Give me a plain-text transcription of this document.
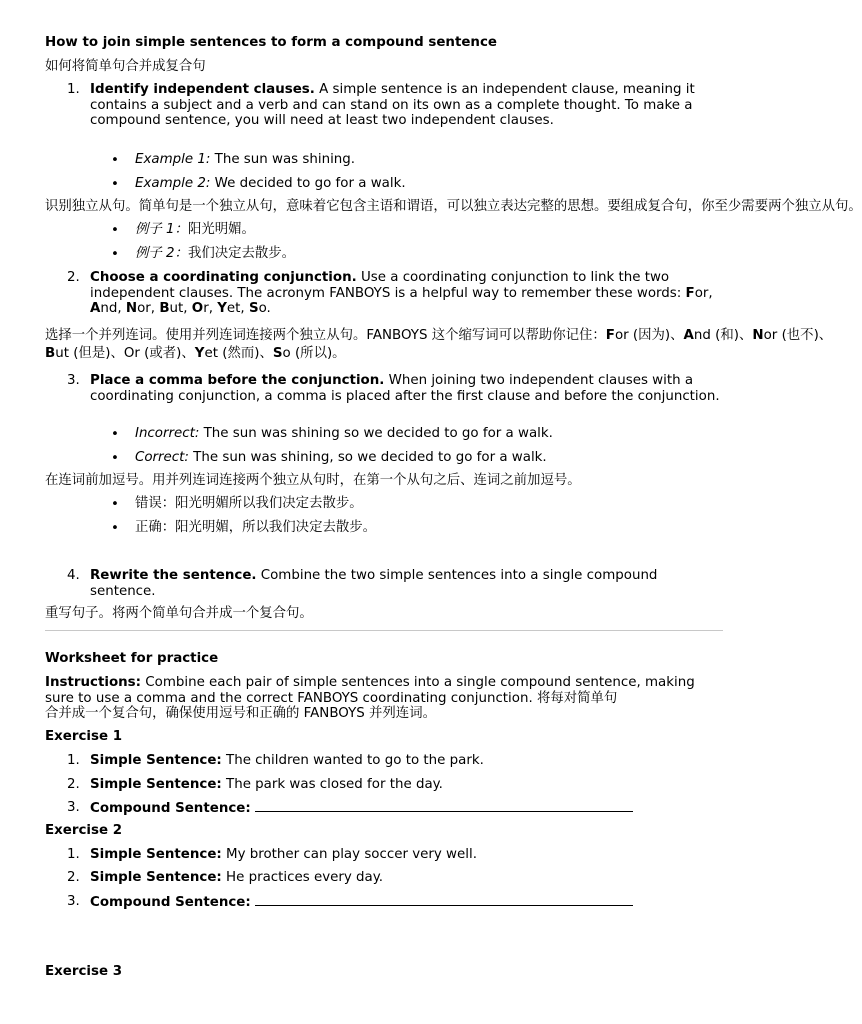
How to join simple sentences to form a compound sentence
如何将简单句合并成复合句
1. Identify independent clauses. A simple sentence is an independent clause, meaning it contains a subject and a verb and can stand on its own as a complete thought. To make a compound sentence, you will need at least two independent clauses.
• Example 1: The sun was shining.
• Example 2: We decided to go for a walk.
识别独立从句。简单句是一个独立从句，意味着它包含主语和谓语，可以独立表达完整的思想。要组成复合句，你至少需要两个独立从句。
• 例子 1：阳光明媚。
• 例子 2：我们决定去散步。
2. Choose a coordinating conjunction. Use a coordinating conjunction to link the two independent clauses. The acronym FANBOYS is a helpful way to remember these words: For, And, Nor, But, Or, Yet, So.
选择一个并列连词。使用并列连词连接两个独立从句。FANBOYS 这个缩写词可以帮助你记住：For (因为)、And (和)、Nor (也不)、
But (但是)、Or (或者)、Yet (然而)、So (所以)。
3. Place a comma before the conjunction. When joining two independent clauses with a coordinating conjunction, a comma is placed after the first clause and before the conjunction.
• Incorrect: The sun was shining so we decided to go for a walk.
• Correct: The sun was shining, so we decided to go for a walk.
在连词前加逗号。用并列连词连接两个独立从句时，在第一个从句之后、连词之前加逗号。
• 错误：阳光明媚所以我们决定去散步。
• 正确：阳光明媚，所以我们决定去散步。
4. Rewrite the sentence. Combine the two simple sentences into a single compound sentence.
重写句子。将两个简单句合并成一个复合句。
Worksheet for practice
Instructions: Combine each pair of simple sentences into a single compound sentence, making sure to use a comma and the correct FANBOYS coordinating conjunction. 将每对简单句
合并成一个复合句，确保使用逗号和正确的 FANBOYS 并列连词。
Exercise 1
1. Simple Sentence: The children wanted to go to the park.
2. Simple Sentence: The park was closed for the day.
3. Compound Sentence:
Exercise 2
1. Simple Sentence: My brother can play soccer very well.
2. Simple Sentence: He practices every day.
3. Compound Sentence:
Exercise 3
